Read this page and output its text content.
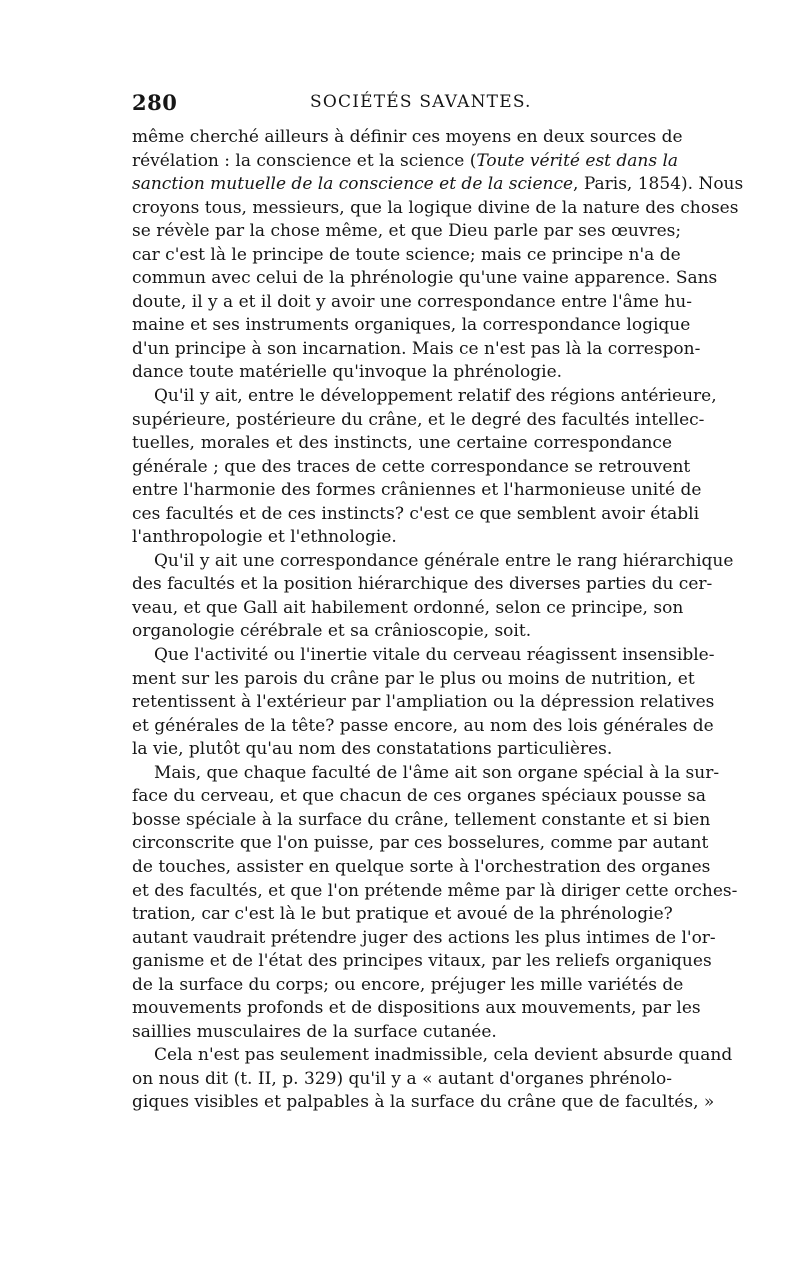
280	SOCIÉTÉS SAVANTES.
même cherché ailleurs à définir ces moyens en deux sources de
révélation : la conscience et la science (Toute vérité est dans la
sanction mutuelle de la conscience et de la science, Paris, 1854). Nous
croyons tous, messieurs, que la logique divine de la nature des choses
se révèle par la chose même, et que Dieu parle par ses œuvres;
car c'est là le principe de toute science; mais ce principe n'a de
commun avec celui de la phrénologie qu'une vaine apparence. Sans
doute, il y a et il doit y avoir une correspondance entre l'âme hu-
maine et ses instruments organiques, la correspondance logique
d'un principe à son incarnation. Mais ce n'est pas là la correspon-
dance toute matérielle qu'invoque la phrénologie.
Qu'il y ait, entre le développement relatif des régions antérieure,
supérieure, postérieure du crâne, et le degré des facultés intellec-
tuelles, morales et des instincts, une certaine correspondance
générale ; que des traces de cette correspondance se retrouvent
entre l'harmonie des formes crâniennes et l'harmonieuse unité de
ces facultés et de ces instincts? c'est ce que semblent avoir établi
l'anthropologie et l'ethnologie.
Qu'il y ait une correspondance générale entre le rang hiérarchique
des facultés et la position hiérarchique des diverses parties du cer-
veau, et que Gall ait habilement ordonné, selon ce principe, son
organologie cérébrale et sa crânioscopie, soit.
Que l'activité ou l'inertie vitale du cerveau réagissent insensible-
ment sur les parois du crâne par le plus ou moins de nutrition, et
retentissent à l'extérieur par l'ampliation ou la dépression relatives
et générales de la tête? passe encore, au nom des lois générales de
la vie, plutôt qu'au nom des constatations particulières.
Mais, que chaque faculté de l'âme ait son organe spécial à la sur-
face du cerveau, et que chacun de ces organes spéciaux pousse sa
bosse spéciale à la surface du crâne, tellement constante et si bien
circonscrite que l'on puisse, par ces bosselures, comme par autant
de touches, assister en quelque sorte à l'orchestration des organes
et des facultés, et que l'on prétende même par là diriger cette orches-
tration, car c'est là le but pratique et avoué de la phrénologie?
autant vaudrait prétendre juger des actions les plus intimes de l'or-
ganisme et de l'état des principes vitaux, par les reliefs organiques
de la surface du corps; ou encore, préjuger les mille variétés de
mouvements profonds et de dispositions aux mouvements, par les
saillies musculaires de la surface cutanée.
Cela n'est pas seulement inadmissible, cela devient absurde quand
on nous dit (t. II, p. 329) qu'il y a « autant d'organes phrénolo-
giques visibles et palpables à la surface du crâne que de facultés, »
